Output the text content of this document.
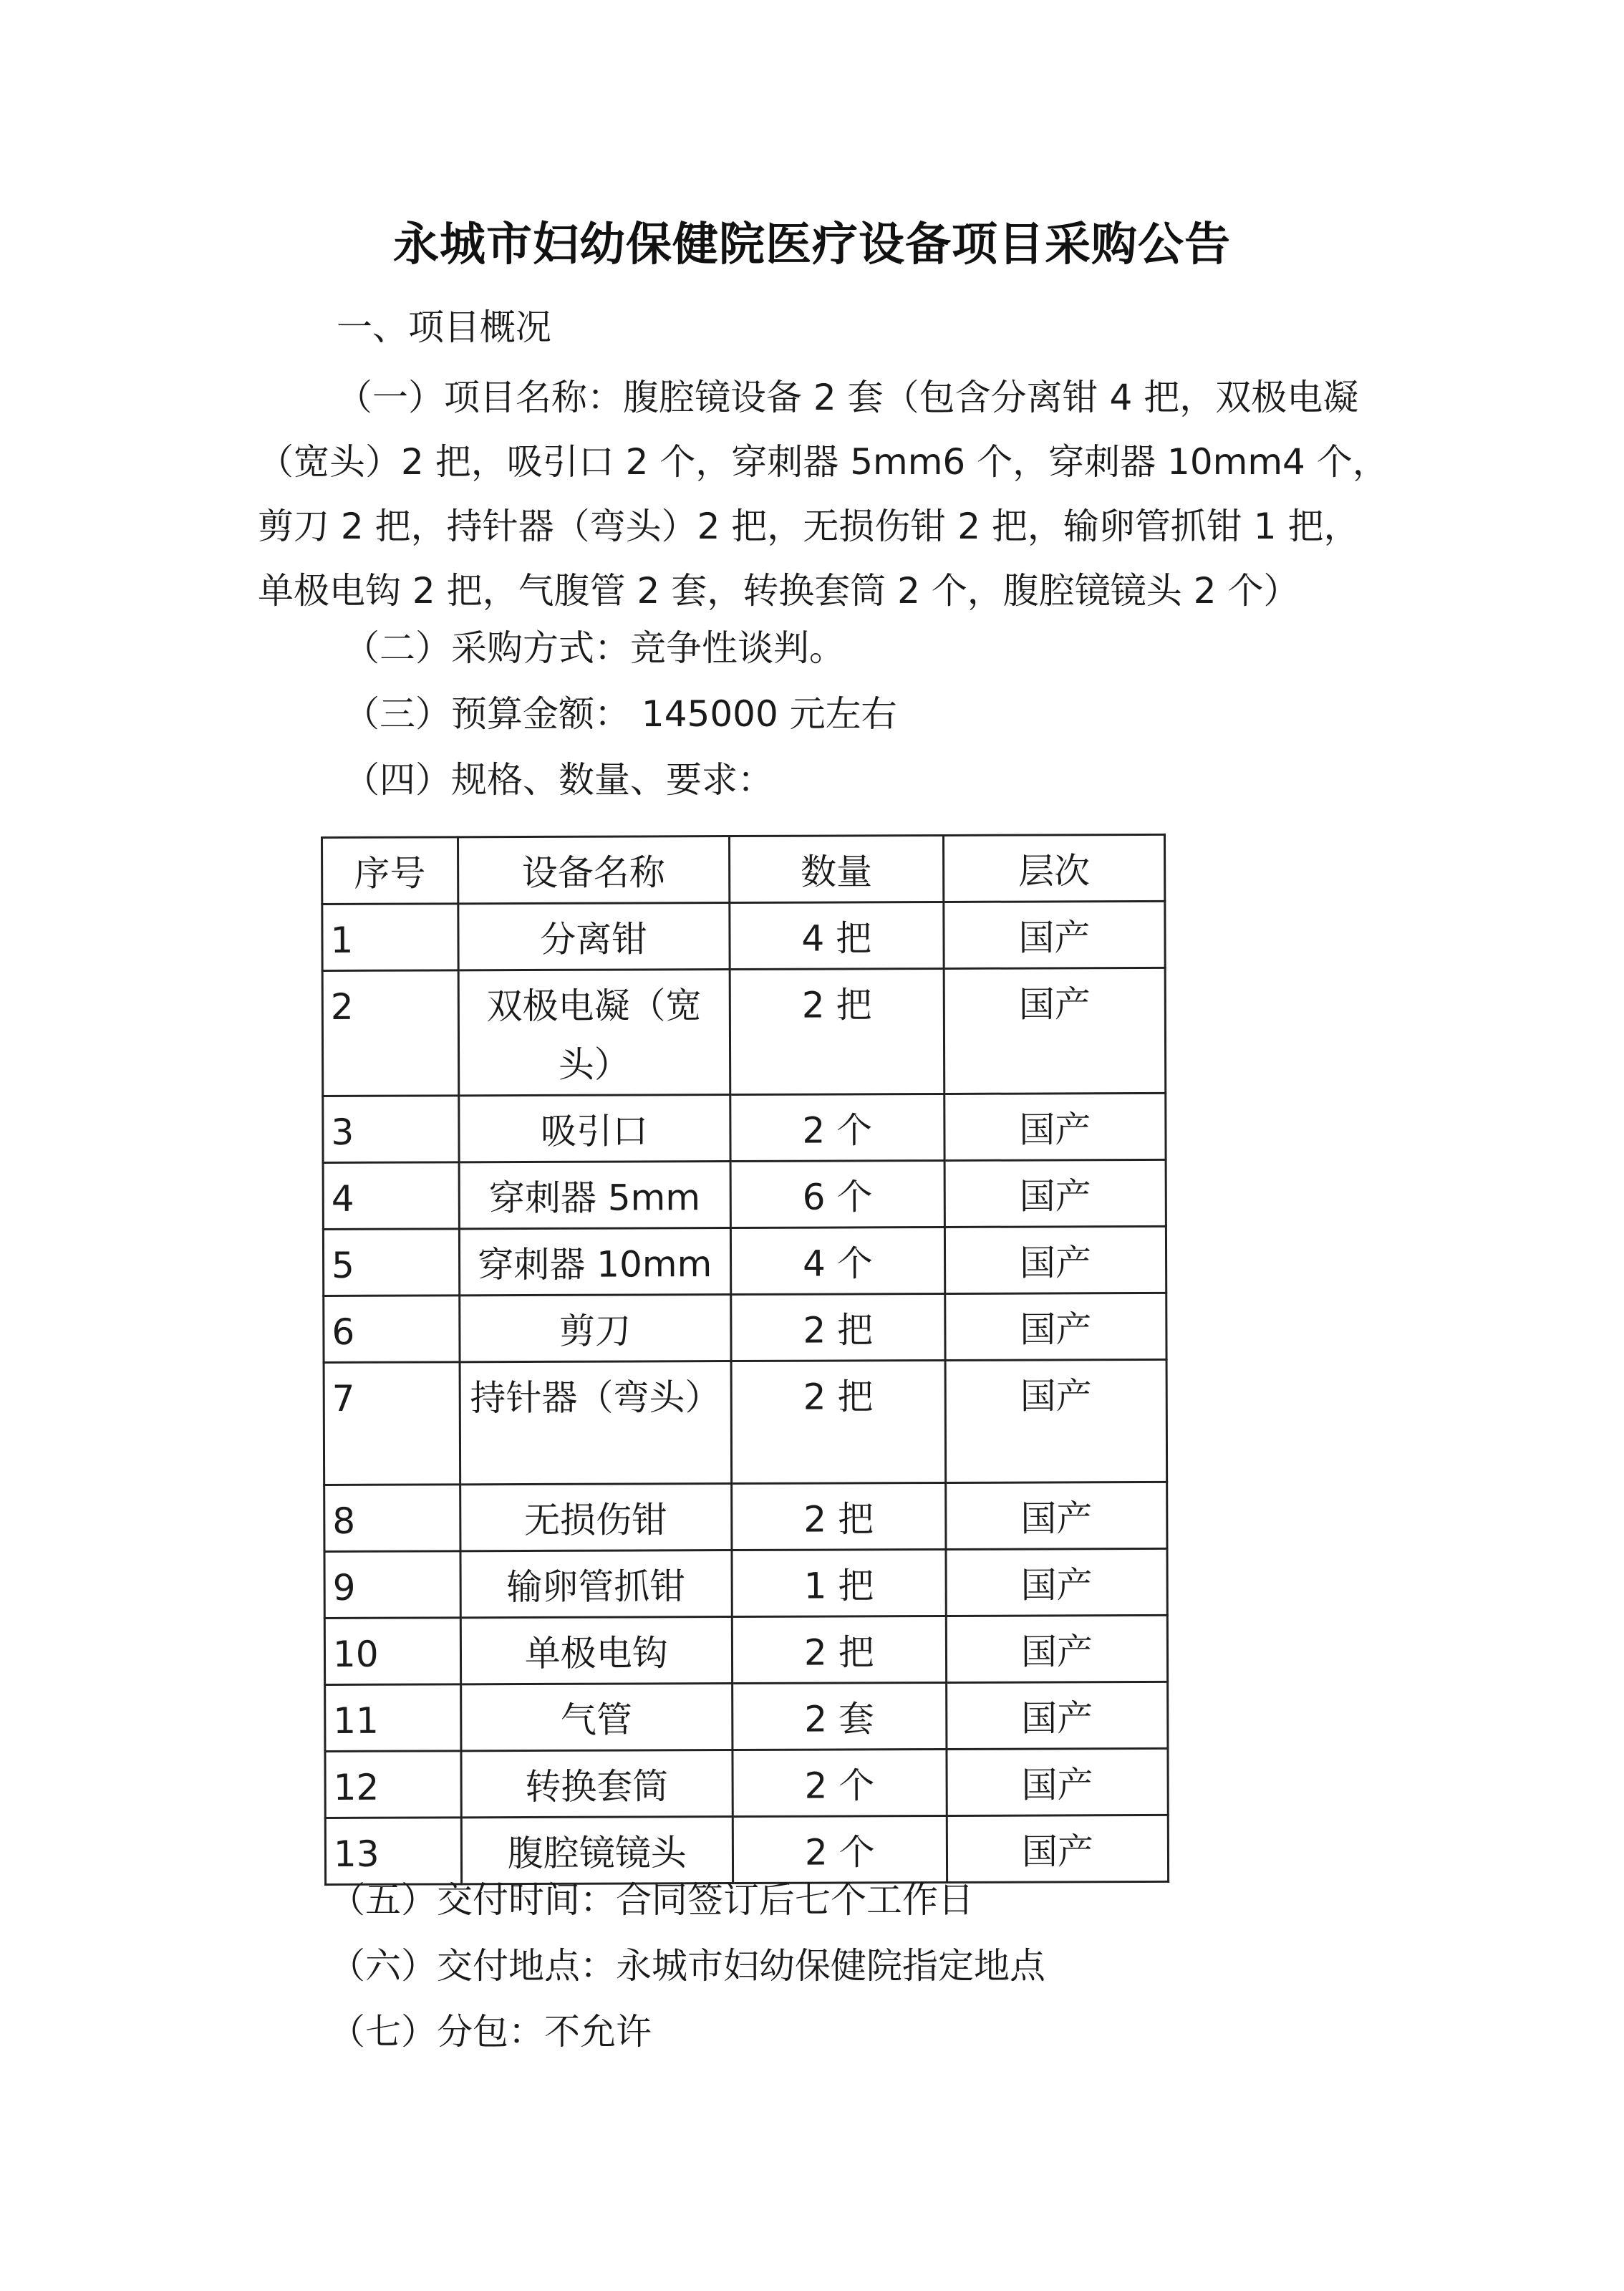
永城市妇幼保健院医疗设备项目采购公告
一、项目概况
（一）项目名称：腹腔镜设备 2 套（包含分离钳 4 把，双极电凝
（宽头）2 把，吸引口 2 个，穿刺器 5mm6 个，穿刺器 10mm4 个，
剪刀 2 把，持针器（弯头）2 把，无损伤钳 2 把，输卵管抓钳 1 把，
单极电钩 2 把，气腹管 2 套，转换套筒 2 个，腹腔镜镜头 2 个）
（二）采购方式：竞争性谈判。
（三）预算金额： 145000 元左右
（四）规格、数量、要求：
序号	设备名称	数量	层次
1	分离钳	4 把	国产
2	双极电凝（宽头）	2 把	国产
3	吸引口	2 个	国产
4	穿刺器 5mm	6 个	国产
5	穿刺器 10mm	4 个	国产
6	剪刀	2 把	国产
7	持针器（弯头）	2 把	国产
8	无损伤钳	2 把	国产
9	输卵管抓钳	1 把	国产
10	单极电钩	2 把	国产
11	气管	2 套	国产
12	转换套筒	2 个	国产
13	腹腔镜镜头	2 个	国产
（五）交付时间：合同签订后七个工作日
（六）交付地点：永城市妇幼保健院指定地点
（七）分包：不允许
